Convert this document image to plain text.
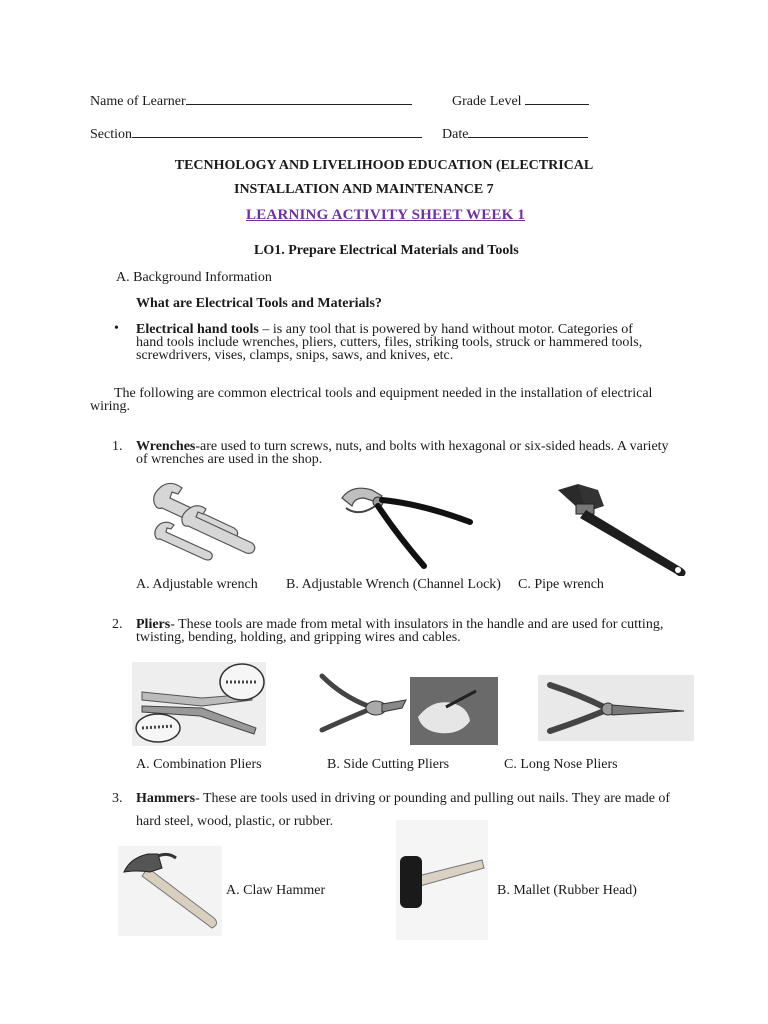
Name of Learner	Grade Level
Section	Date
TECNHOLOGY AND LIVELIHOOD EDUCATION (ELECTRICAL
INSTALLATION AND MAINTENANCE 7
LEARNING ACTIVITY SHEET WEEK 1
LO1. Prepare Electrical Materials and Tools
A. Background Information
What are Electrical Tools and Materials?
• Electrical hand tools – is any tool that is powered by hand without motor. Categories of hand tools include wrenches, pliers, cutters, files, striking tools, struck or hammered tools, screwdrivers, vises, clamps, snips, saws, and knives, etc.
The following are common electrical tools and equipment needed in the installation of electrical wiring.
1. Wrenches-are used to turn screws, nuts, and bolts with hexagonal or six-sided heads. A variety of wrenches are used in the shop.
A. Adjustable wrench B. Adjustable Wrench (Channel Lock) C. Pipe wrench
2. Pliers- These tools are made from metal with insulators in the handle and are used for cutting, twisting, bending, holding, and gripping wires and cables.
A. Combination Pliers	B. Side Cutting Pliers	C. Long Nose Pliers
3. Hammers- These are tools used in driving or pounding and pulling out nails. They are made of
hard steel, wood, plastic, or rubber.
A. Claw Hammer	B. Mallet (Rubber Head)
